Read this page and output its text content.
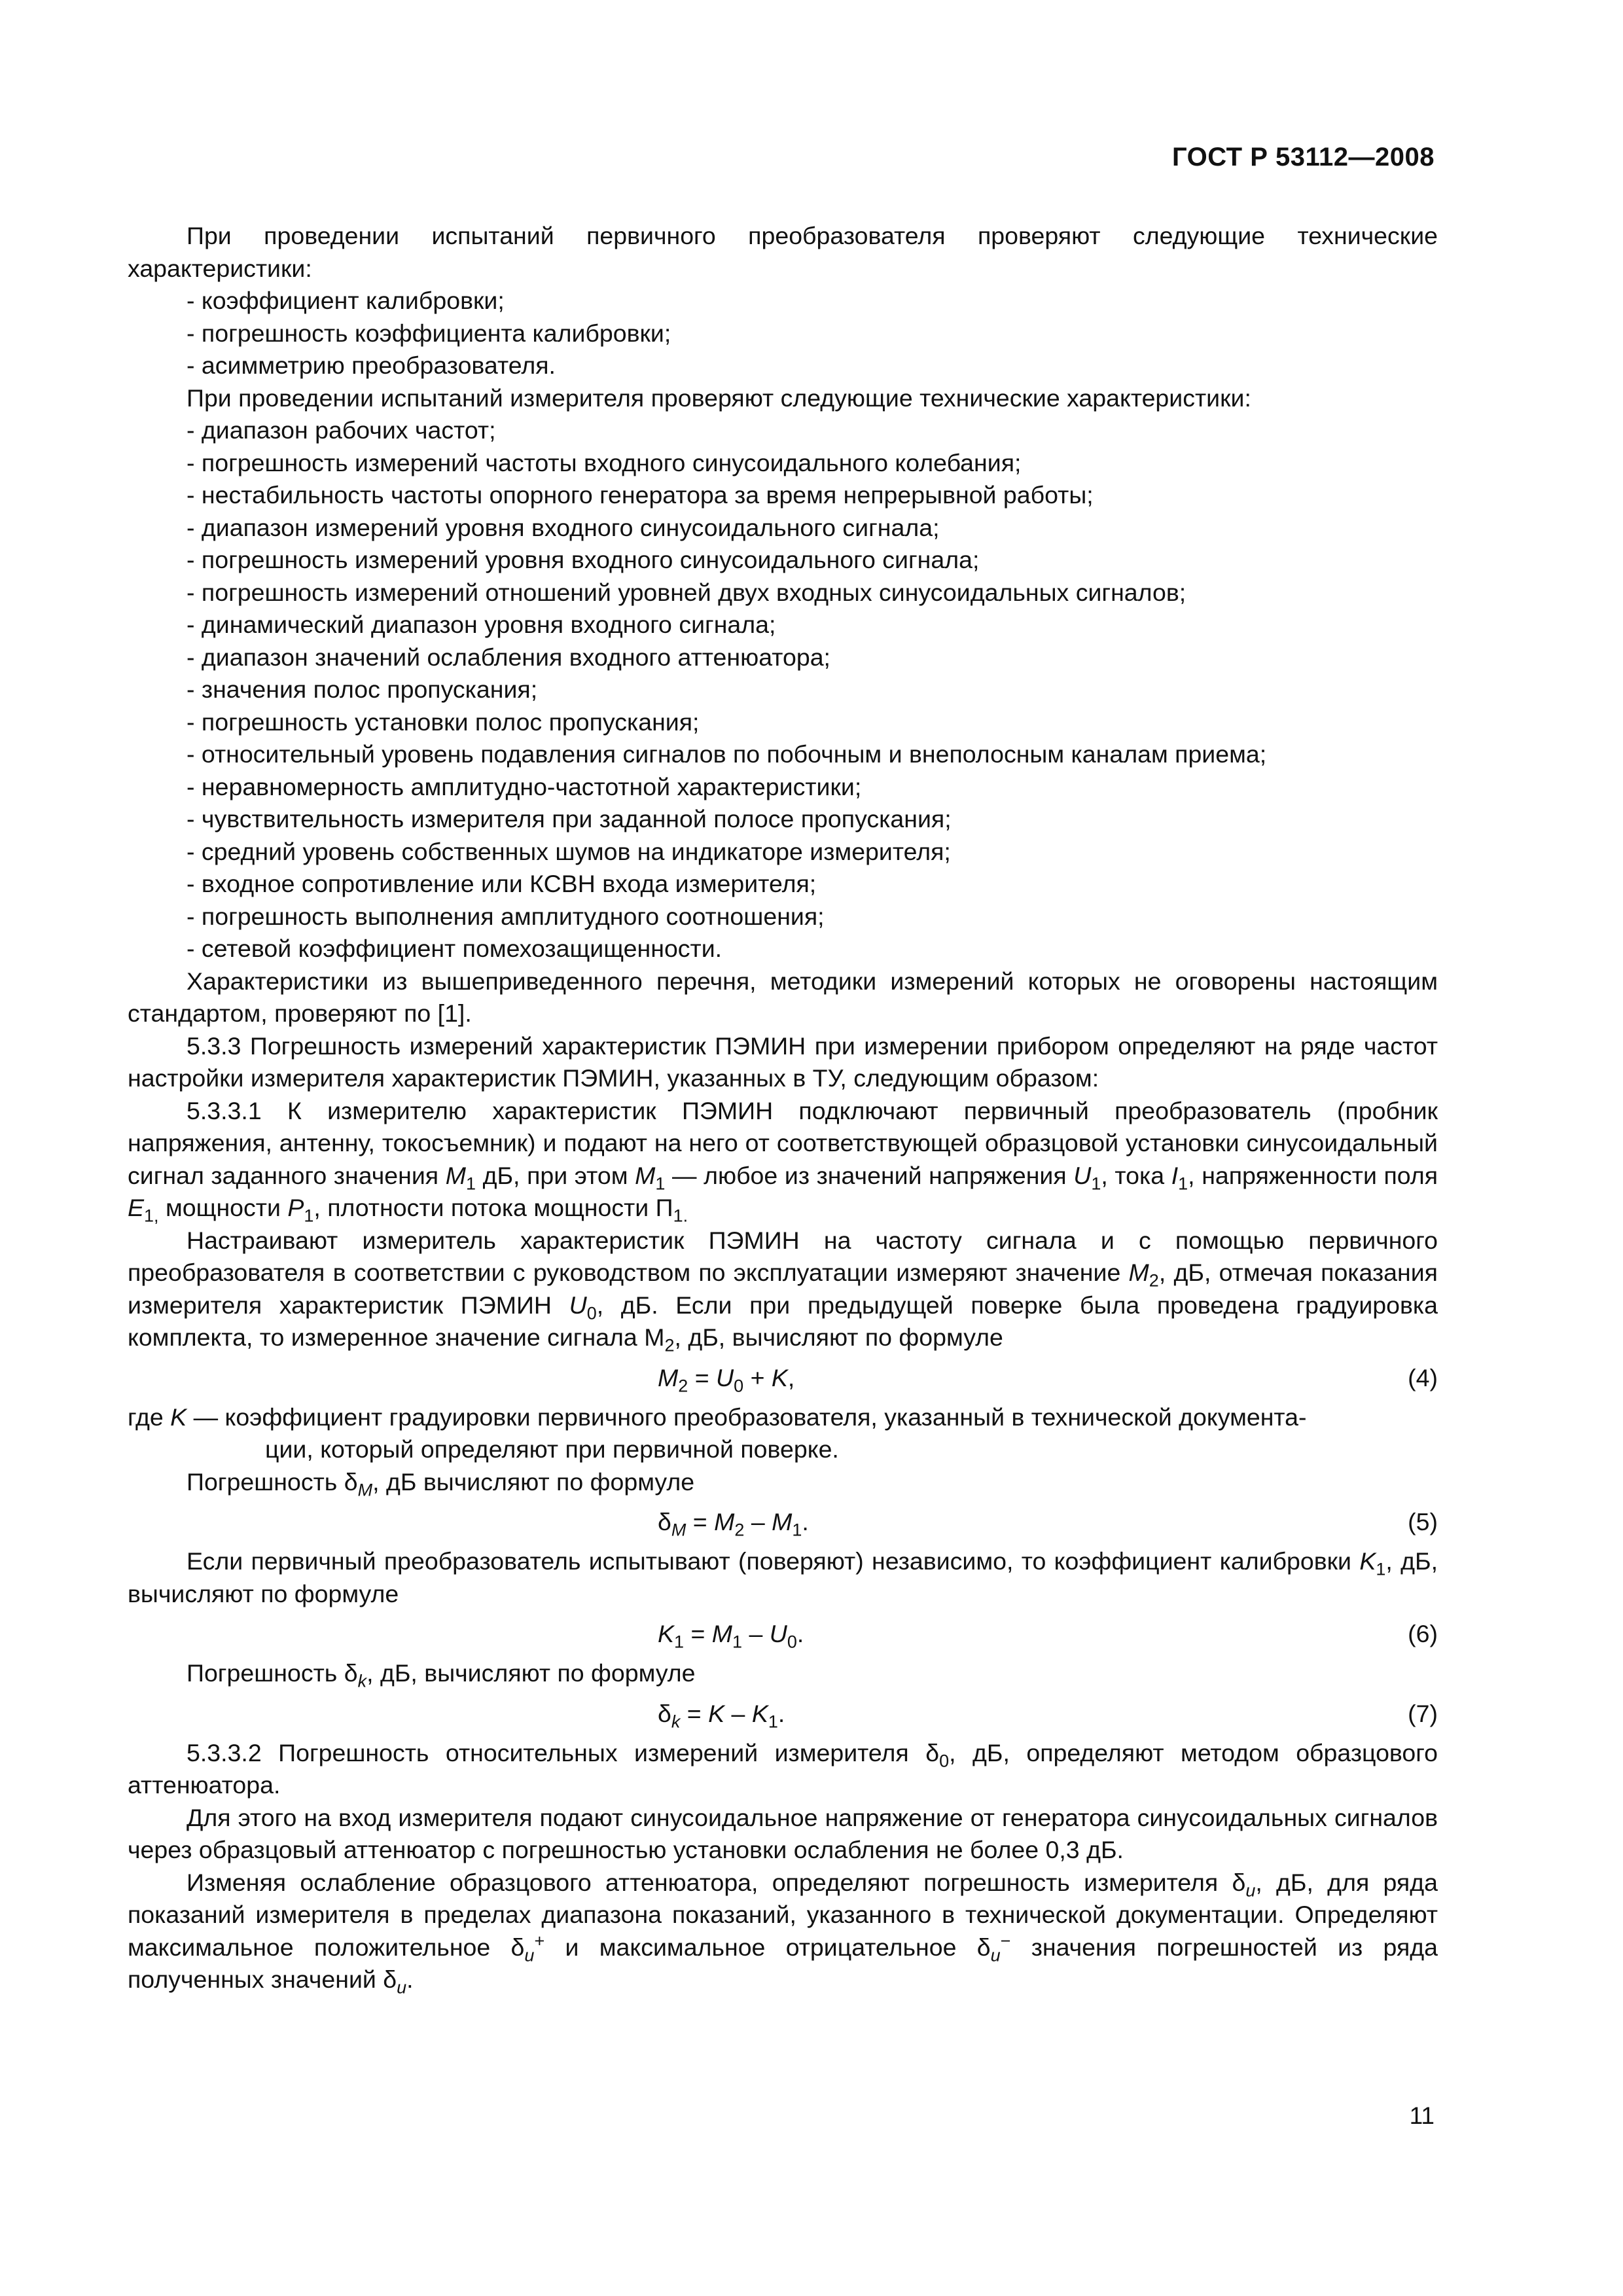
ГОСТ Р 53112—2008

При проведении испытаний первичного преобразователя проверяют следующие технические характеристики:

- коэффициент калибровки;

- погрешность коэффициента калибровки;

- асимметрию преобразователя.

При проведении испытаний измерителя проверяют следующие технические характеристики:

- диапазон рабочих частот;

- погрешность измерений частоты входного синусоидального колебания;

- нестабильность частоты опорного генератора за время непрерывной работы;

- диапазон измерений уровня входного синусоидального сигнала;

- погрешность измерений уровня входного синусоидального сигнала;

- погрешность измерений отношений уровней двух входных синусоидальных сигналов;

- динамический диапазон уровня входного сигнала;

- диапазон значений ослабления входного аттенюатора;

- значения полос пропускания;

- погрешность установки полос пропускания;

- относительный уровень подавления сигналов по побочным и внеполосным каналам приема;

- неравномерность амплитудно-частотной характеристики;

- чувствительность измерителя при заданной полосе пропускания;

- средний уровень собственных шумов на индикаторе измерителя;

- входное сопротивление или КСВН входа измерителя;

- погрешность выполнения амплитудного соотношения;

- сетевой коэффициент помехозащищенности.

Характеристики из вышеприведенного перечня, методики измерений которых не оговорены настоящим стандартом, проверяют по [1].

5.3.3 Погрешность измерений характеристик ПЭМИН при измерении прибором определяют на ряде частот настройки измерителя характеристик ПЭМИН, указанных в ТУ, следующим образом:

5.3.3.1 К измерителю характеристик ПЭМИН подключают первичный преобразователь (пробник напряжения, антенну, токосъемник) и подают на него от соответствующей образцовой установки синусоидальный сигнал заданного значения $M_1$ дБ, при этом $M_1$ — любое из значений напряжения $U_1$, тока $I_1$, напряженности поля $E_{1,}$ мощности $P_1$, плотности потока мощности $П_{1.}$

Настраивают измеритель характеристик ПЭМИН на частоту сигнала и с помощью первичного преобразователя в соответствии с руководством по эксплуатации измеряют значение $M_2$, дБ, отмечая показания измерителя характеристик ПЭМИН $U_0$, дБ. Если при предыдущей поверке была проведена градуировка комплекта, то измеренное значение сигнала $M_2$, дБ, вычисляют по формуле

$M_2 = U_0 + K$,	(4)

где K — коэффициент градуировки первичного преобразователя, указанный в технической документа-

ции, который определяют при первичной поверке.

Погрешность $\delta_M$, дБ вычисляют по формуле

$\delta_M = M_2 - M_1$.	(5)

Если первичный преобразователь испытывают (поверяют) независимо, то коэффициент калибровки $K_1$, дБ, вычисляют по формуле

$K_1 = M_1 - U_0$.	(6)

Погрешность $\delta_k$, дБ, вычисляют по формуле

$\delta_k = K - K_1$.	(7)

5.3.3.2 Погрешность относительных измерений измерителя $\delta_0$, дБ, определяют методом образцового аттенюатора.

Для этого на вход измерителя подают синусоидальное напряжение от генератора синусоидальных сигналов через образцовый аттенюатор с погрешностью установки ослабления не более 0,3 дБ.

Изменяя ослабление образцового аттенюатора, определяют погрешность измерителя $\delta_и$, дБ, для ряда показаний измерителя в пределах диапазона показаний, указанного в технической документации. Определяют максимальное положительное $\delta_и^+$ и максимальное отрицательное $\delta_и^-$ значения погрешностей из ряда полученных значений $\delta_и$.

11
